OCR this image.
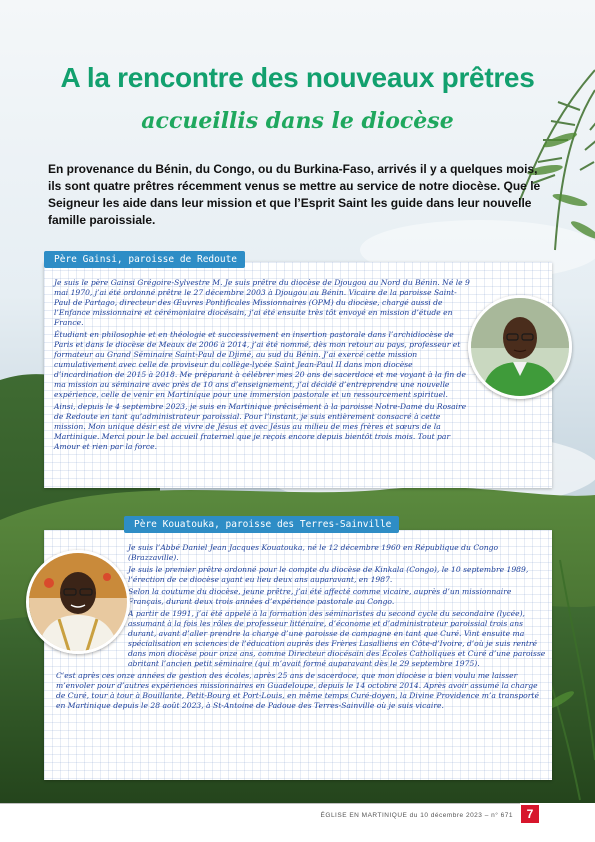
A la rencontre des nouveaux prêtres
accueillis dans le diocèse
En provenance du Bénin, du Congo, ou du Burkina-Faso, arrivés il y a quelques mois, ils sont quatre prêtres récemment venus se mettre au service de notre diocèse. Que le Seigneur les aide dans leur mission et que l’Esprit Saint les guide dans leur nouvelle famille paroissiale.
Père Gainsi, paroisse de Redoute

Je suis le père Gainsi Grégoire-Sylvestre M. Je suis prêtre du diocèse de Djougou au Nord du Bénin. Né le 9 mai 1970, j’ai été ordonné prêtre le 27 décembre 2003 à Djougou au Bénin. Vicaire de la paroisse Saint-Paul de Partago, directeur des Œuvres Pontificales Missionnaires (OPM) du diocèse, chargé aussi de l’Enfance missionnaire et cérémoniaire diocésain, j’ai été ensuite très tôt envoyé en mission d’étude en France.

Étudiant en philosophie et en théologie et successivement en insertion pastorale dans l’archidiocèse de Paris et dans le diocèse de Meaux de 2006 à 2014, j’ai été nommé, dès mon retour au pays, professeur et formateur au Grand Séminaire Saint-Paul de Djimé, au sud du Bénin. J’ai exercé cette mission cumulativement avec celle de proviseur du collège-lycée Saint Jean-Paul II dans mon diocèse d’incardination de 2015 à 2018. Me préparant à célébrer mes 20 ans de sacerdoce et me voyant à la fin de ma mission au séminaire avec près de 10 ans d’enseignement, j’ai décidé d’entreprendre une nouvelle expérience, celle de venir en Martinique pour une immersion pastorale et un ressourcement spirituel.

Ainsi, depuis le 4 septembre 2023, je suis en Martinique précisément à la paroisse Notre-Dame du Rosaire de Redoute en tant qu’administrateur paroissial. Pour l’instant, je suis entièrement consacré à cette mission. Mon unique désir est de vivre de Jésus et avec Jésus au milieu de mes frères et sœurs de la Martinique. Merci pour le bel accueil fraternel que je reçois encore depuis bientôt trois mois. Tout par Amour et rien par la force.

Père Kouatouka, paroisse des Terres-Sainville

Je suis l’Abbé Daniel Jean Jacques Kouatouka, né le 12 décembre 1960 en République du Congo (Brazzaville).

Je suis le premier prêtre ordonné pour le compte du diocèse de Kinkala (Congo), le 10 septembre 1989, l’érection de ce diocèse ayant eu lieu deux ans auparavant, en 1987.

Selon la coutume du diocèse, jeune prêtre, j’ai été affecté comme vicaire, auprès d’un missionnaire Français, durant deux trois années d’expérience pastorale au Congo.

A partir de 1991, j’ai été appelé à la formation des séminaristes du second cycle du secondaire (lycée), assumant à la fois les rôles de professeur littéraire, d’économe et d’administrateur paroissial trois ans durant, avant d’aller prendre la charge d’une paroisse de campagne en tant que Curé. Vint ensuite ma spécialisation en sciences de l’éducation auprès des Frères Lasalliens en Côte-d’Ivoire, d’où je suis rentré dans mon diocèse pour onze ans, comme Directeur diocésain des Écoles Catholiques et Curé d’une paroisse abritant l’ancien petit séminaire (qui m’avait formé auparavant dès le 29 septembre 1975).

C’est après ces onze années de gestion des écoles, après 25 ans de sacerdoce, que mon diocèse a bien voulu me laisser m’envoler pour d’autres expériences missionnaires en Guadeloupe, depuis le 14 octobre 2014. Après avoir assumé la charge de Curé, tour à tour à Bouillante, Petit-Bourg et Port-Louis, en même temps Curé-doyen, la Divine Providence m’a transporté en Martinique depuis le 28 août 2023, à St-Antoine de Padoue des Terres-Sainville où je suis vicaire.

ÉGLISE EN MARTINIQUE du 10 décembre 2023 – n° 671	7
